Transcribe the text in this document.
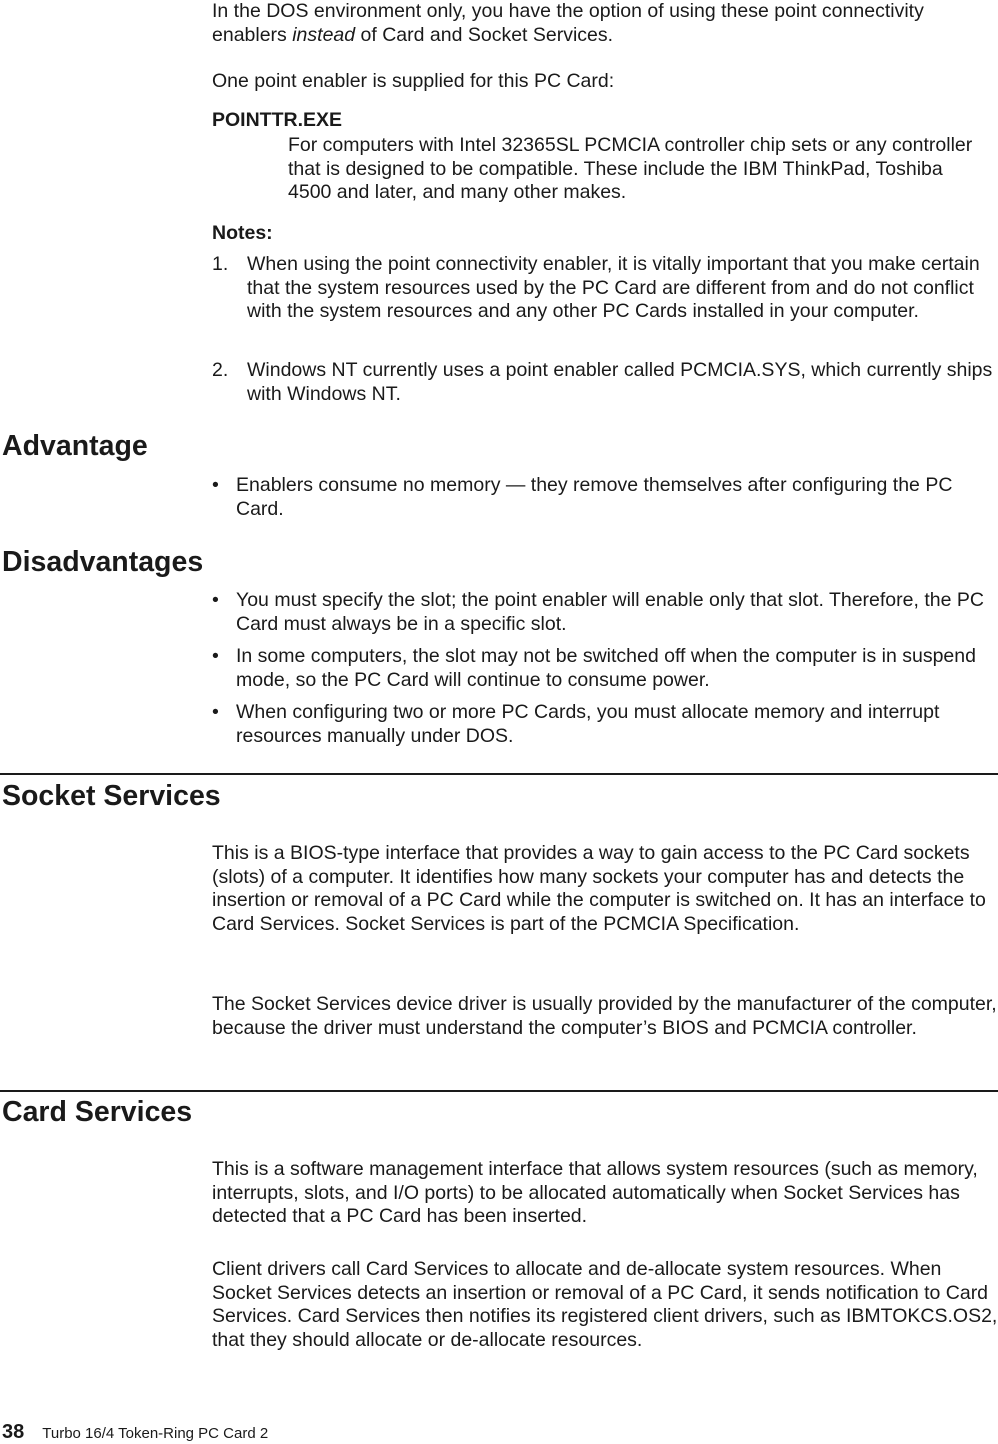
In the DOS environment only, you have the option of using these point connectivity enablers instead of Card and Socket Services.

One point enabler is supplied for this PC Card:

POINTTR.EXE

For computers with Intel 32365SL PCMCIA controller chip sets or any controller that is designed to be compatible. These include the IBM ThinkPad, Toshiba 4500 and later, and many other makes.

Notes:
1. When using the point connectivity enabler, it is vitally important that you make certain that the system resources used by the PC Card are different from and do not conflict with the system resources and any other PC Cards installed in your computer.
2. Windows NT currently uses a point enabler called PCMCIA.SYS, which currently ships with Windows NT.
Advantage
• Enablers consume no memory — they remove themselves after configuring the PC Card.
Disadvantages
• You must specify the slot; the point enabler will enable only that slot. Therefore, the PC Card must always be in a specific slot.
• In some computers, the slot may not be switched off when the computer is in suspend mode, so the PC Card will continue to consume power.
• When configuring two or more PC Cards, you must allocate memory and interrupt resources manually under DOS.
Socket Services

This is a BIOS-type interface that provides a way to gain access to the PC Card sockets (slots) of a computer. It identifies how many sockets your computer has and detects the insertion or removal of a PC Card while the computer is switched on. It has an interface to Card Services. Socket Services is part of the PCMCIA Specification.

The Socket Services device driver is usually provided by the manufacturer of the computer, because the driver must understand the computer’s BIOS and PCMCIA controller.

Card Services

This is a software management interface that allows system resources (such as memory, interrupts, slots, and I/O ports) to be allocated automatically when Socket Services has detected that a PC Card has been inserted.

Client drivers call Card Services to allocate and de-allocate system resources. When Socket Services detects an insertion or removal of a PC Card, it sends notification to Card Services. Card Services then notifies its registered client drivers, such as IBMTOKCS.OS2, that they should allocate or de-allocate resources.

38 Turbo 16/4 Token-Ring PC Card 2
